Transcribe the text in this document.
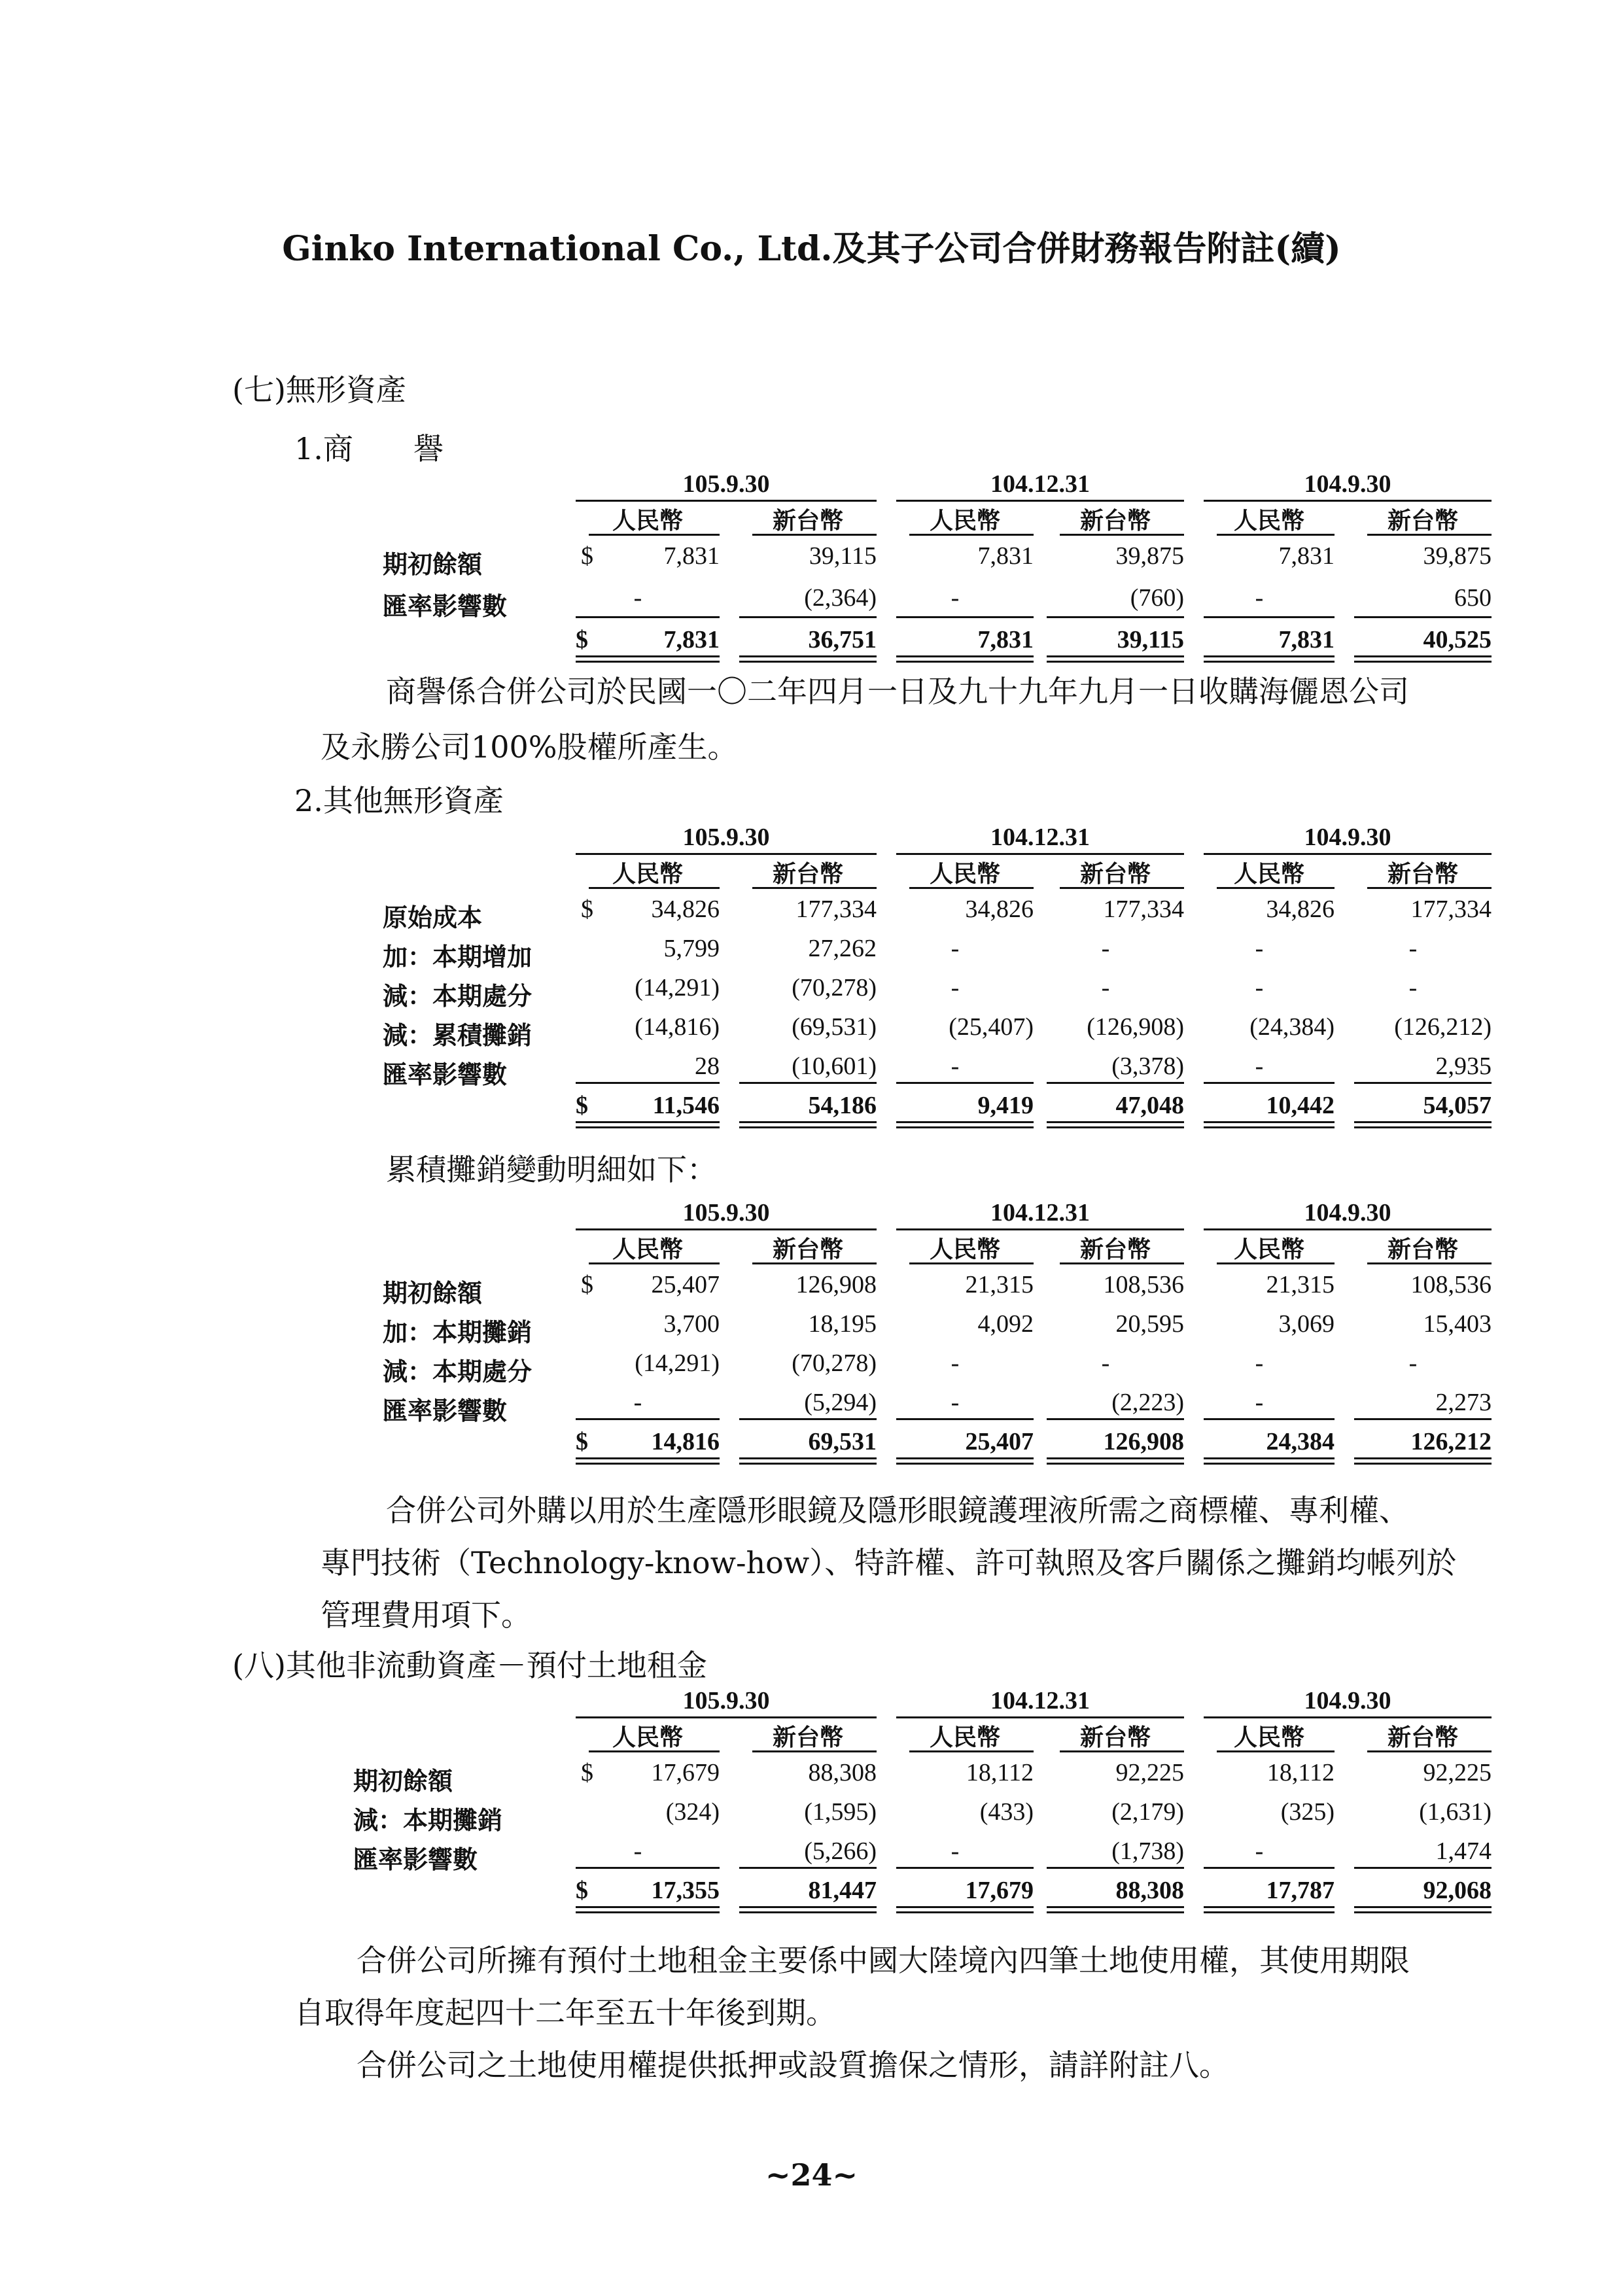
Ginko International Co., Ltd.及其子公司合併財務報告附註(續)
(七)無形資產
1.商　　譽
105.9.30	104.12.31	104.9.30
人民幣	新台幣	人民幣	新台幣	人民幣	新台幣
期初餘額	$	7,831	39,115	7,831	39,875	7,831	39,875
匯率影響數	-	(2,364)	-	(760)	-	650
$	7,831	36,751	7,831	39,115	7,831	40,525
商譽係合併公司於民國一〇二年四月一日及九十九年九月一日收購海儷恩公司
及永勝公司100%股權所產生。
2.其他無形資產
105.9.30	104.12.31	104.9.30
人民幣	新台幣	人民幣	新台幣	人民幣	新台幣
原始成本	$	34,826	177,334	34,826	177,334	34,826	177,334
加：本期增加	5,799	27,262	-	-	-	-
減：本期處分	(14,291)	(70,278)	-	-	-	-
減：累積攤銷	(14,816)	(69,531)	(25,407)	(126,908)	(24,384)	(126,212)
匯率影響數	28	(10,601)	-	(3,378)	-	2,935
$	11,546	54,186	9,419	47,048	10,442	54,057
累積攤銷變動明細如下：
105.9.30	104.12.31	104.9.30
人民幣	新台幣	人民幣	新台幣	人民幣	新台幣
期初餘額	$	25,407	126,908	21,315	108,536	21,315	108,536
加：本期攤銷	3,700	18,195	4,092	20,595	3,069	15,403
減：本期處分	(14,291)	(70,278)	-	-	-	-
匯率影響數	-	(5,294)	-	(2,223)	-	2,273
$	14,816	69,531	25,407	126,908	24,384	126,212
合併公司外購以用於生產隱形眼鏡及隱形眼鏡護理液所需之商標權、專利權、
專門技術（Technology-know-how）、特許權、許可執照及客戶關係之攤銷均帳列於
管理費用項下。
(八)其他非流動資產－預付土地租金
105.9.30	104.12.31	104.9.30
人民幣	新台幣	人民幣	新台幣	人民幣	新台幣
期初餘額	$	17,679	88,308	18,112	92,225	18,112	92,225
減：本期攤銷	(324)	(1,595)	(433)	(2,179)	(325)	(1,631)
匯率影響數	-	(5,266)	-	(1,738)	-	1,474
$	17,355	81,447	17,679	88,308	17,787	92,068
合併公司所擁有預付土地租金主要係中國大陸境內四筆土地使用權，其使用期限
自取得年度起四十二年至五十年後到期。
合併公司之土地使用權提供抵押或設質擔保之情形，請詳附註八。
~24~
